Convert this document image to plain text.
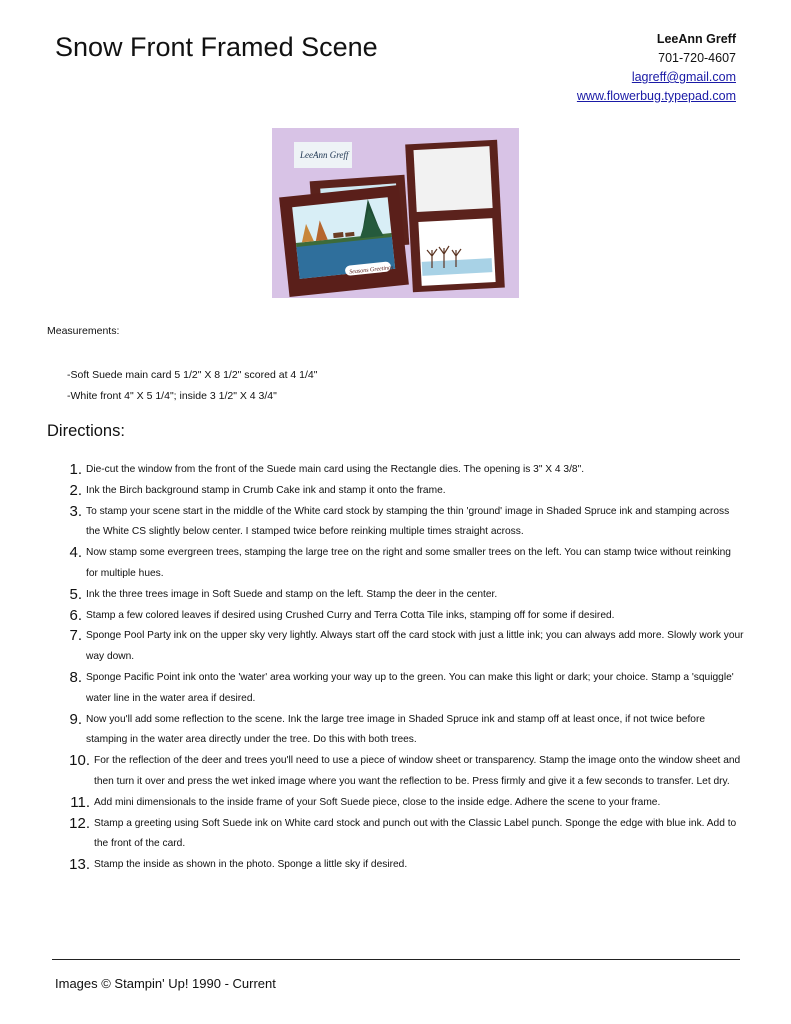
Snow Front Framed Scene	LeeAnn Greff
701-720-4607
lagreff@gmail.com
www.flowerbug.typepad.com
LeeAnn Greff
Seasons Greetings
Measurements:
-Soft Suede main card 5 1/2" X 8 1/2" scored at 4 1/4"
-White front 4" X 5 1/4"; inside 3 1/2" X 4 3/4"
Directions:
1. Die-cut the window from the front of the Suede main card using the Rectangle dies. The opening is 3" X 4 3/8".
2. Ink the Birch background stamp in Crumb Cake ink and stamp it onto the frame.
3. To stamp your scene start in the middle of the White card stock by stamping the thin 'ground' image in Shaded Spruce ink and stamping across the White CS slightly below center. I stamped twice before reinking multiple times straight across.
4. Now stamp some evergreen trees, stamping the large tree on the right and some smaller trees on the left. You can stamp twice without reinking for multiple hues.
5. Ink the three trees image in Soft Suede and stamp on the left. Stamp the deer in the center.
6. Stamp a few colored leaves if desired using Crushed Curry and Terra Cotta Tile inks, stamping off for some if desired.
7. Sponge Pool Party ink on the upper sky very lightly. Always start off the card stock with just a little ink; you can always add more. Slowly work your way down.
8. Sponge Pacific Point ink onto the 'water' area working your way up to the green. You can make this light or dark; your choice. Stamp a 'squiggle' water line in the water area if desired.
9. Now you'll add some reflection to the scene. Ink the large tree image in Shaded Spruce ink and stamp off at least once, if not twice before stamping in the water area directly under the tree. Do this with both trees.
10. For the reflection of the deer and trees you'll need to use a piece of window sheet or transparency. Stamp the image onto the window sheet and then turn it over and press the wet inked image where you want the reflection to be. Press firmly and give it a few seconds to transfer. Let dry.
11. Add mini dimensionals to the inside frame of your Soft Suede piece, close to the inside edge. Adhere the scene to your frame.
12. Stamp a greeting using Soft Suede ink on White card stock and punch out with the Classic Label punch. Sponge the edge with blue ink. Add to the front of the card.
13. Stamp the inside as shown in the photo. Sponge a little sky if desired.
Images © Stampin' Up! 1990 - Current
